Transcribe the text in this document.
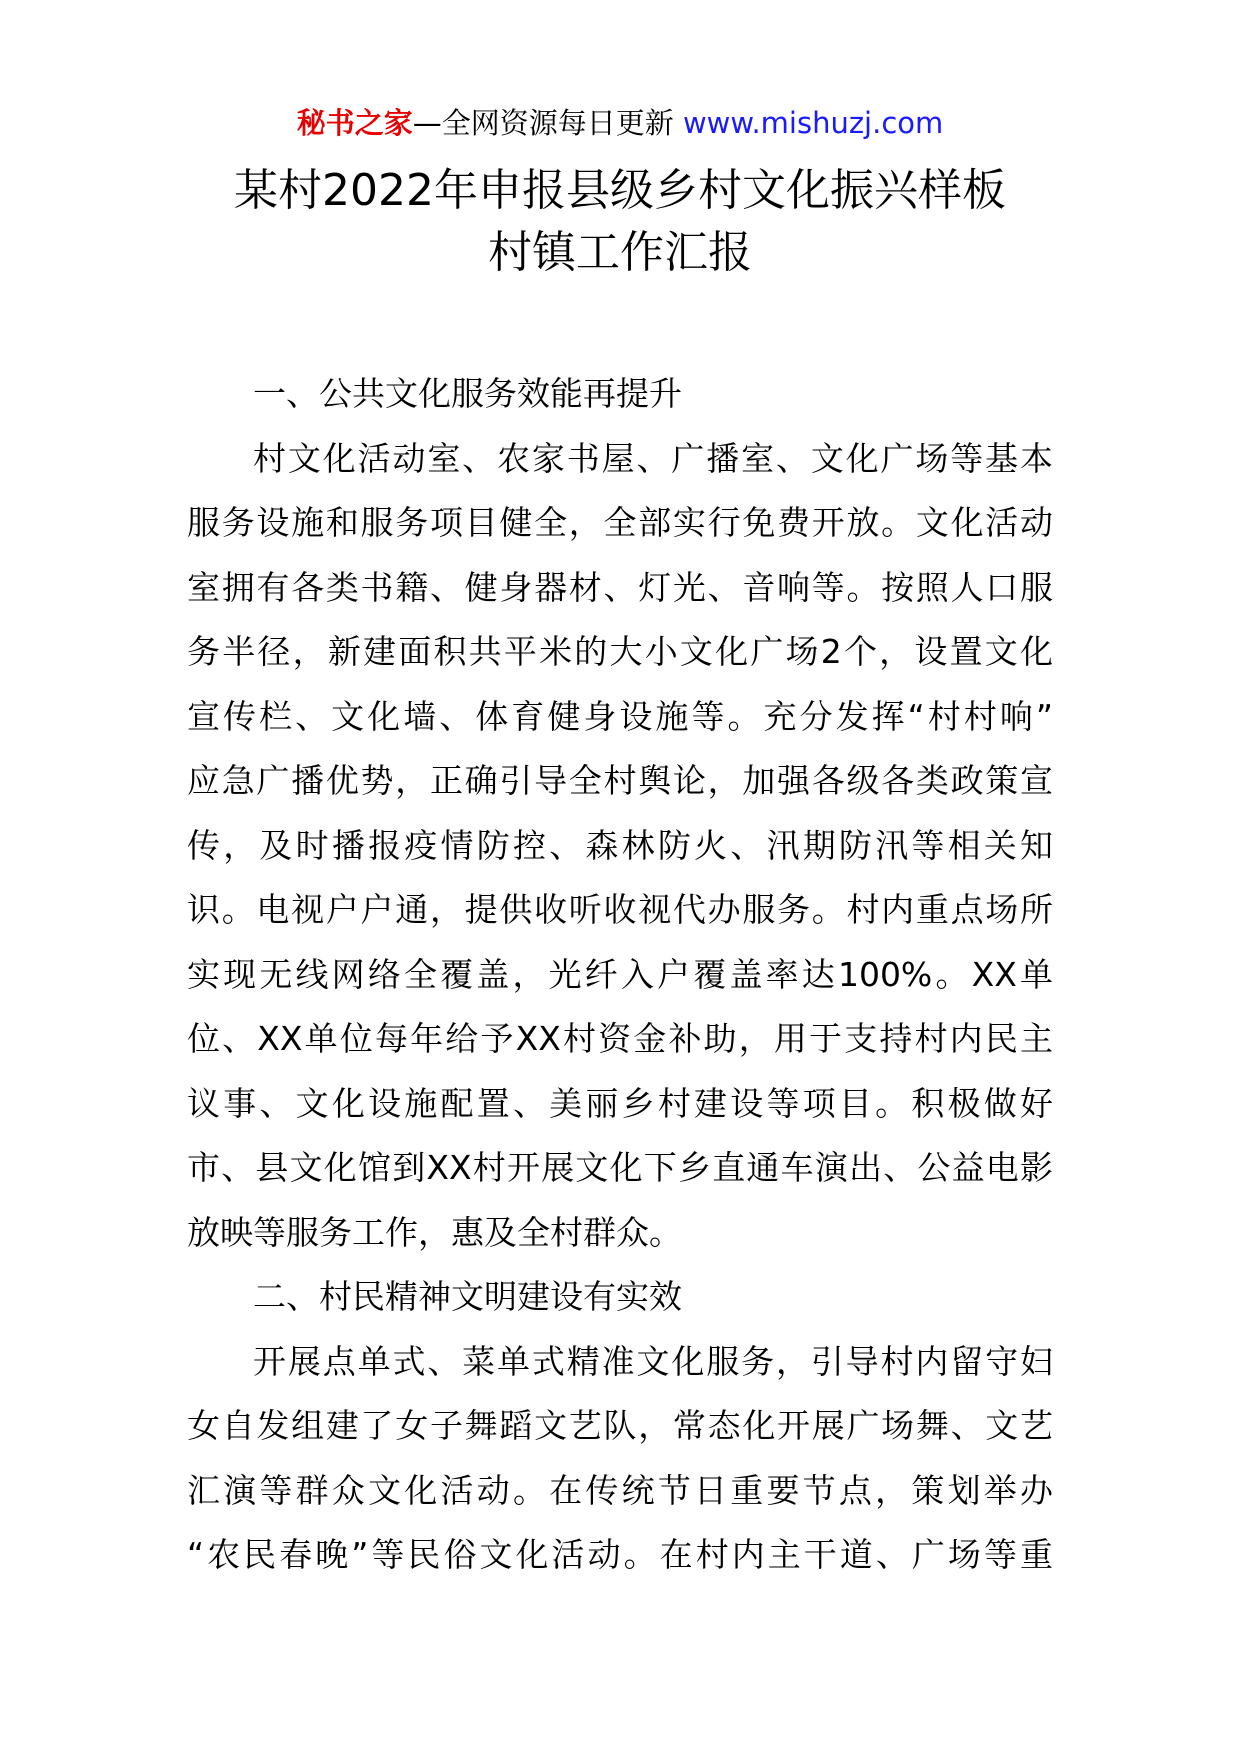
秘书之家—全网资源每日更新 www.mishuzj.com
某村2022年申报县级乡村文化振兴样板
村镇工作汇报
一、公共文化服务效能再提升
村文化活动室、农家书屋、广播室、文化广场等基本
服务设施和服务项目健全，全部实行免费开放。文化活动
室拥有各类书籍、健身器材、灯光、音响等。按照人口服
务半径，新建面积共平米的大小文化广场2个，设置文化
宣传栏、文化墙、体育健身设施等。充分发挥“村村响”
应急广播优势，正确引导全村舆论，加强各级各类政策宣
传，及时播报疫情防控、森林防火、汛期防汛等相关知
识。电视户户通，提供收听收视代办服务。村内重点场所
实现无线网络全覆盖，光纤入户覆盖率达100%。XX单
位、XX单位每年给予XX村资金补助，用于支持村内民主
议事、文化设施配置、美丽乡村建设等项目。积极做好
市、县文化馆到XX村开展文化下乡直通车演出、公益电影
放映等服务工作，惠及全村群众。
二、村民精神文明建设有实效
开展点单式、菜单式精准文化服务，引导村内留守妇
女自发组建了女子舞蹈文艺队，常态化开展广场舞、文艺
汇演等群众文化活动。在传统节日重要节点，策划举办
“农民春晚”等民俗文化活动。在村内主干道、广场等重
